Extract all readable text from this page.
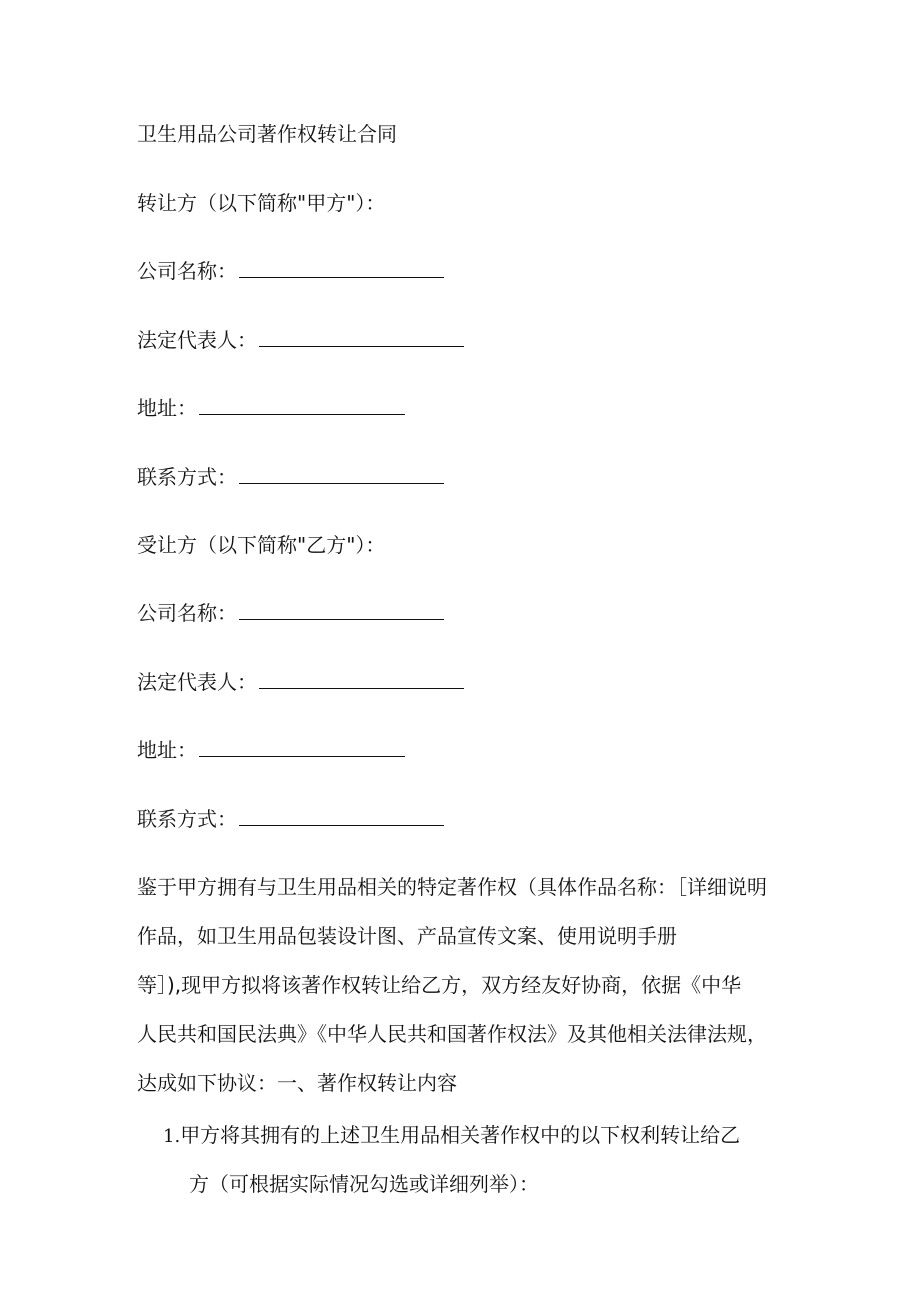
卫生用品公司著作权转让合同
转让方（以下简称"甲方"）：
公司名称：
法定代表人：
地址：
联系方式：
受让方（以下简称"乙方"）：
公司名称：
法定代表人：
地址：
联系方式：
鉴于甲方拥有与卫生用品相关的特定著作权（具体作品名称：［详细说明
作品，如卫生用品包装设计图、产品宣传文案、使用说明手册
等］),现甲方拟将该著作权转让给乙方，双方经友好协商，依据《中华
人民共和国民法典》《中华人民共和国著作权法》及其他相关法律法规，
达成如下协议：一、著作权转让内容
1.甲方将其拥有的上述卫生用品相关著作权中的以下权利转让给乙
方（可根据实际情况勾选或详细列举）：
